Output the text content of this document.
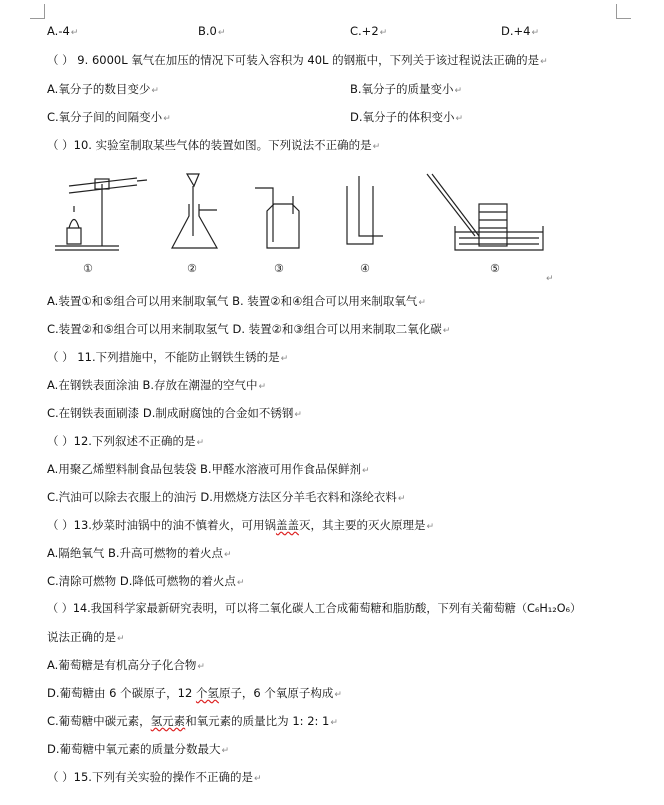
A.-4↵	B.0↵	C.+2↵	D.+4↵
（ ） 9. 6000L 氧气在加压的情况下可装入容积为 40L 的钢瓶中，下列关于该过程说法正确的是↵
A.氧分子的数目变少↵	B.氧分子的质量变小↵
C.氧分子间的间隔变小↵	D.氧分子的体积变小↵
（ ）10. 实验室制取某些气体的装置如图。下列说法不正确的是↵
①	②	③	④	⑤
↵
A.装置①和⑤组合可以用来制取氧气 B. 装置②和④组合可以用来制取氧气↵
C.装置②和⑤组合可以用来制取氢气 D. 装置②和③组合可以用来制取二氧化碳↵
（ ） 11.下列措施中，不能防止钢铁生锈的是↵
A.在钢铁表面涂油 B.存放在潮湿的空气中↵
C.在钢铁表面刷漆 D.制成耐腐蚀的合金如不锈钢↵
（ ）12.下列叙述不正确的是↵
A.用聚乙烯塑料制食品包装袋 B.甲醛水溶液可用作食品保鲜剂↵
C.汽油可以除去衣服上的油污 D.用燃烧方法区分羊毛衣料和涤纶衣料↵
（ ）13.炒菜时油锅中的油不慎着火，可用锅盖盖灭，其主要的灭火原理是↵
A.隔绝氧气 B.升高可燃物的着火点↵
C.清除可燃物 D.降低可燃物的着火点↵
（ ）14.我国科学家最新研究表明，可以将二氧化碳人工合成葡萄糖和脂肪酸，下列有关葡萄糖（C₆H₁₂O₆）
说法正确的是↵
A.葡萄糖是有机高分子化合物↵
D.葡萄糖由 6 个碳原子，12 个氢原子，6 个氧原子构成↵
C.葡萄糖中碳元素，氢元素和氧元素的质量比为 1: 2: 1↵
D.葡萄糖中氧元素的质量分数最大↵
（ ）15.下列有关实验的操作不正确的是↵
